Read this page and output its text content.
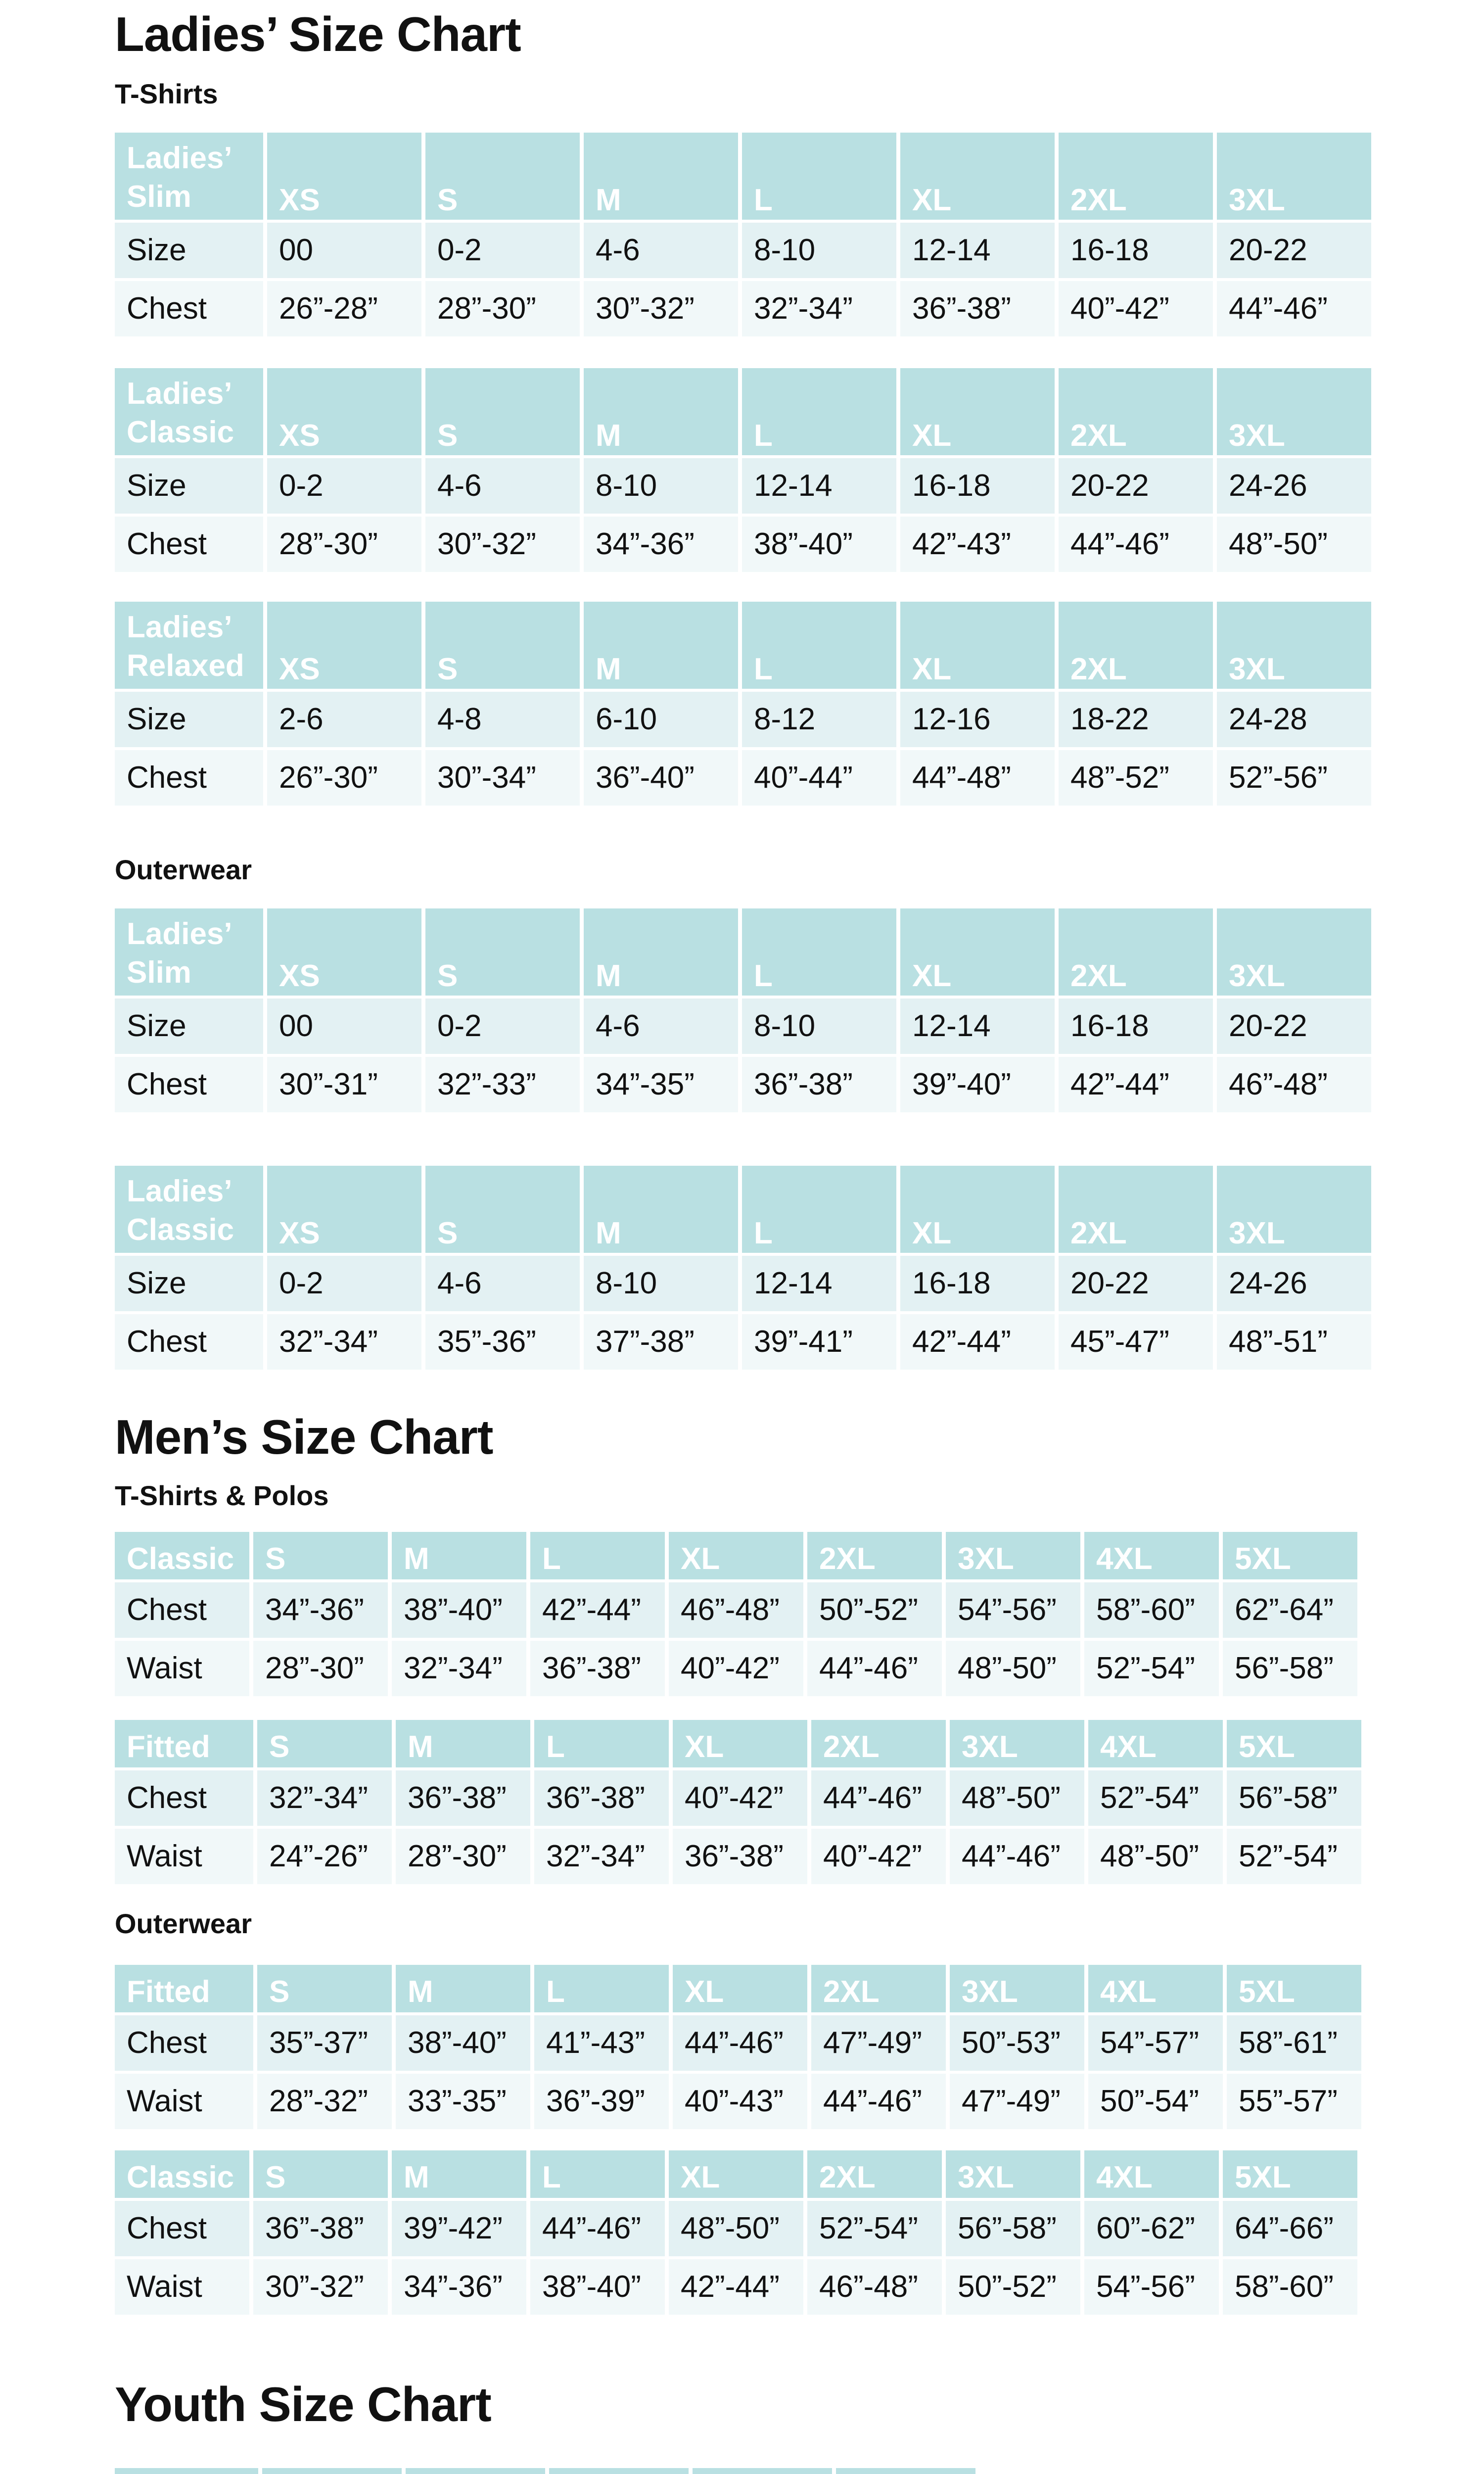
Ladies’ Size Chart
T-Shirts
Ladies’ Slim	XS	S	M	L	XL	2XL	3XL
Size	00	0-2	4-6	8-10	12-14	16-18	20-22
Chest	26”-28”	28”-30”	30”-32”	32”-34”	36”-38”	40”-42”	44”-46”
Ladies’ Classic	XS	S	M	L	XL	2XL	3XL
Size	0-2	4-6	8-10	12-14	16-18	20-22	24-26
Chest	28”-30”	30”-32”	34”-36”	38”-40”	42”-43”	44”-46”	48”-50”
Ladies’ Relaxed	XS	S	M	L	XL	2XL	3XL
Size	2-6	4-8	6-10	8-12	12-16	18-22	24-28
Chest	26”-30”	30”-34”	36”-40”	40”-44”	44”-48”	48”-52”	52”-56”
Outerwear
Ladies’ Slim	XS	S	M	L	XL	2XL	3XL
Size	00	0-2	4-6	8-10	12-14	16-18	20-22
Chest	30”-31”	32”-33”	34”-35”	36”-38”	39”-40”	42”-44”	46”-48”
Ladies’ Classic	XS	S	M	L	XL	2XL	3XL
Size	0-2	4-6	8-10	12-14	16-18	20-22	24-26
Chest	32”-34”	35”-36”	37”-38”	39”-41”	42”-44”	45”-47”	48”-51”
Men’s Size Chart
T-Shirts & Polos
Classic	S	M	L	XL	2XL	3XL	4XL	5XL
Chest	34”-36”	38”-40”	42”-44”	46”-48”	50”-52”	54”-56”	58”-60”	62”-64”
Waist	28”-30”	32”-34”	36”-38”	40”-42”	44”-46”	48”-50”	52”-54”	56”-58”
Fitted	S	M	L	XL	2XL	3XL	4XL	5XL
Chest	32”-34”	36”-38”	36”-38”	40”-42”	44”-46”	48”-50”	52”-54”	56”-58”
Waist	24”-26”	28”-30”	32”-34”	36”-38”	40”-42”	44”-46”	48”-50”	52”-54”
Outerwear
Fitted	S	M	L	XL	2XL	3XL	4XL	5XL
Chest	35”-37”	38”-40”	41”-43”	44”-46”	47”-49”	50”-53”	54”-57”	58”-61”
Waist	28”-32”	33”-35”	36”-39”	40”-43”	44”-46”	47”-49”	50”-54”	55”-57”
Classic	S	M	L	XL	2XL	3XL	4XL	5XL
Chest	36”-38”	39”-42”	44”-46”	48”-50”	52”-54”	56”-58”	60”-62”	64”-66”
Waist	30”-32”	34”-36”	38”-40”	42”-44”	46”-48”	50”-52”	54”-56”	58”-60”
Youth Size Chart
